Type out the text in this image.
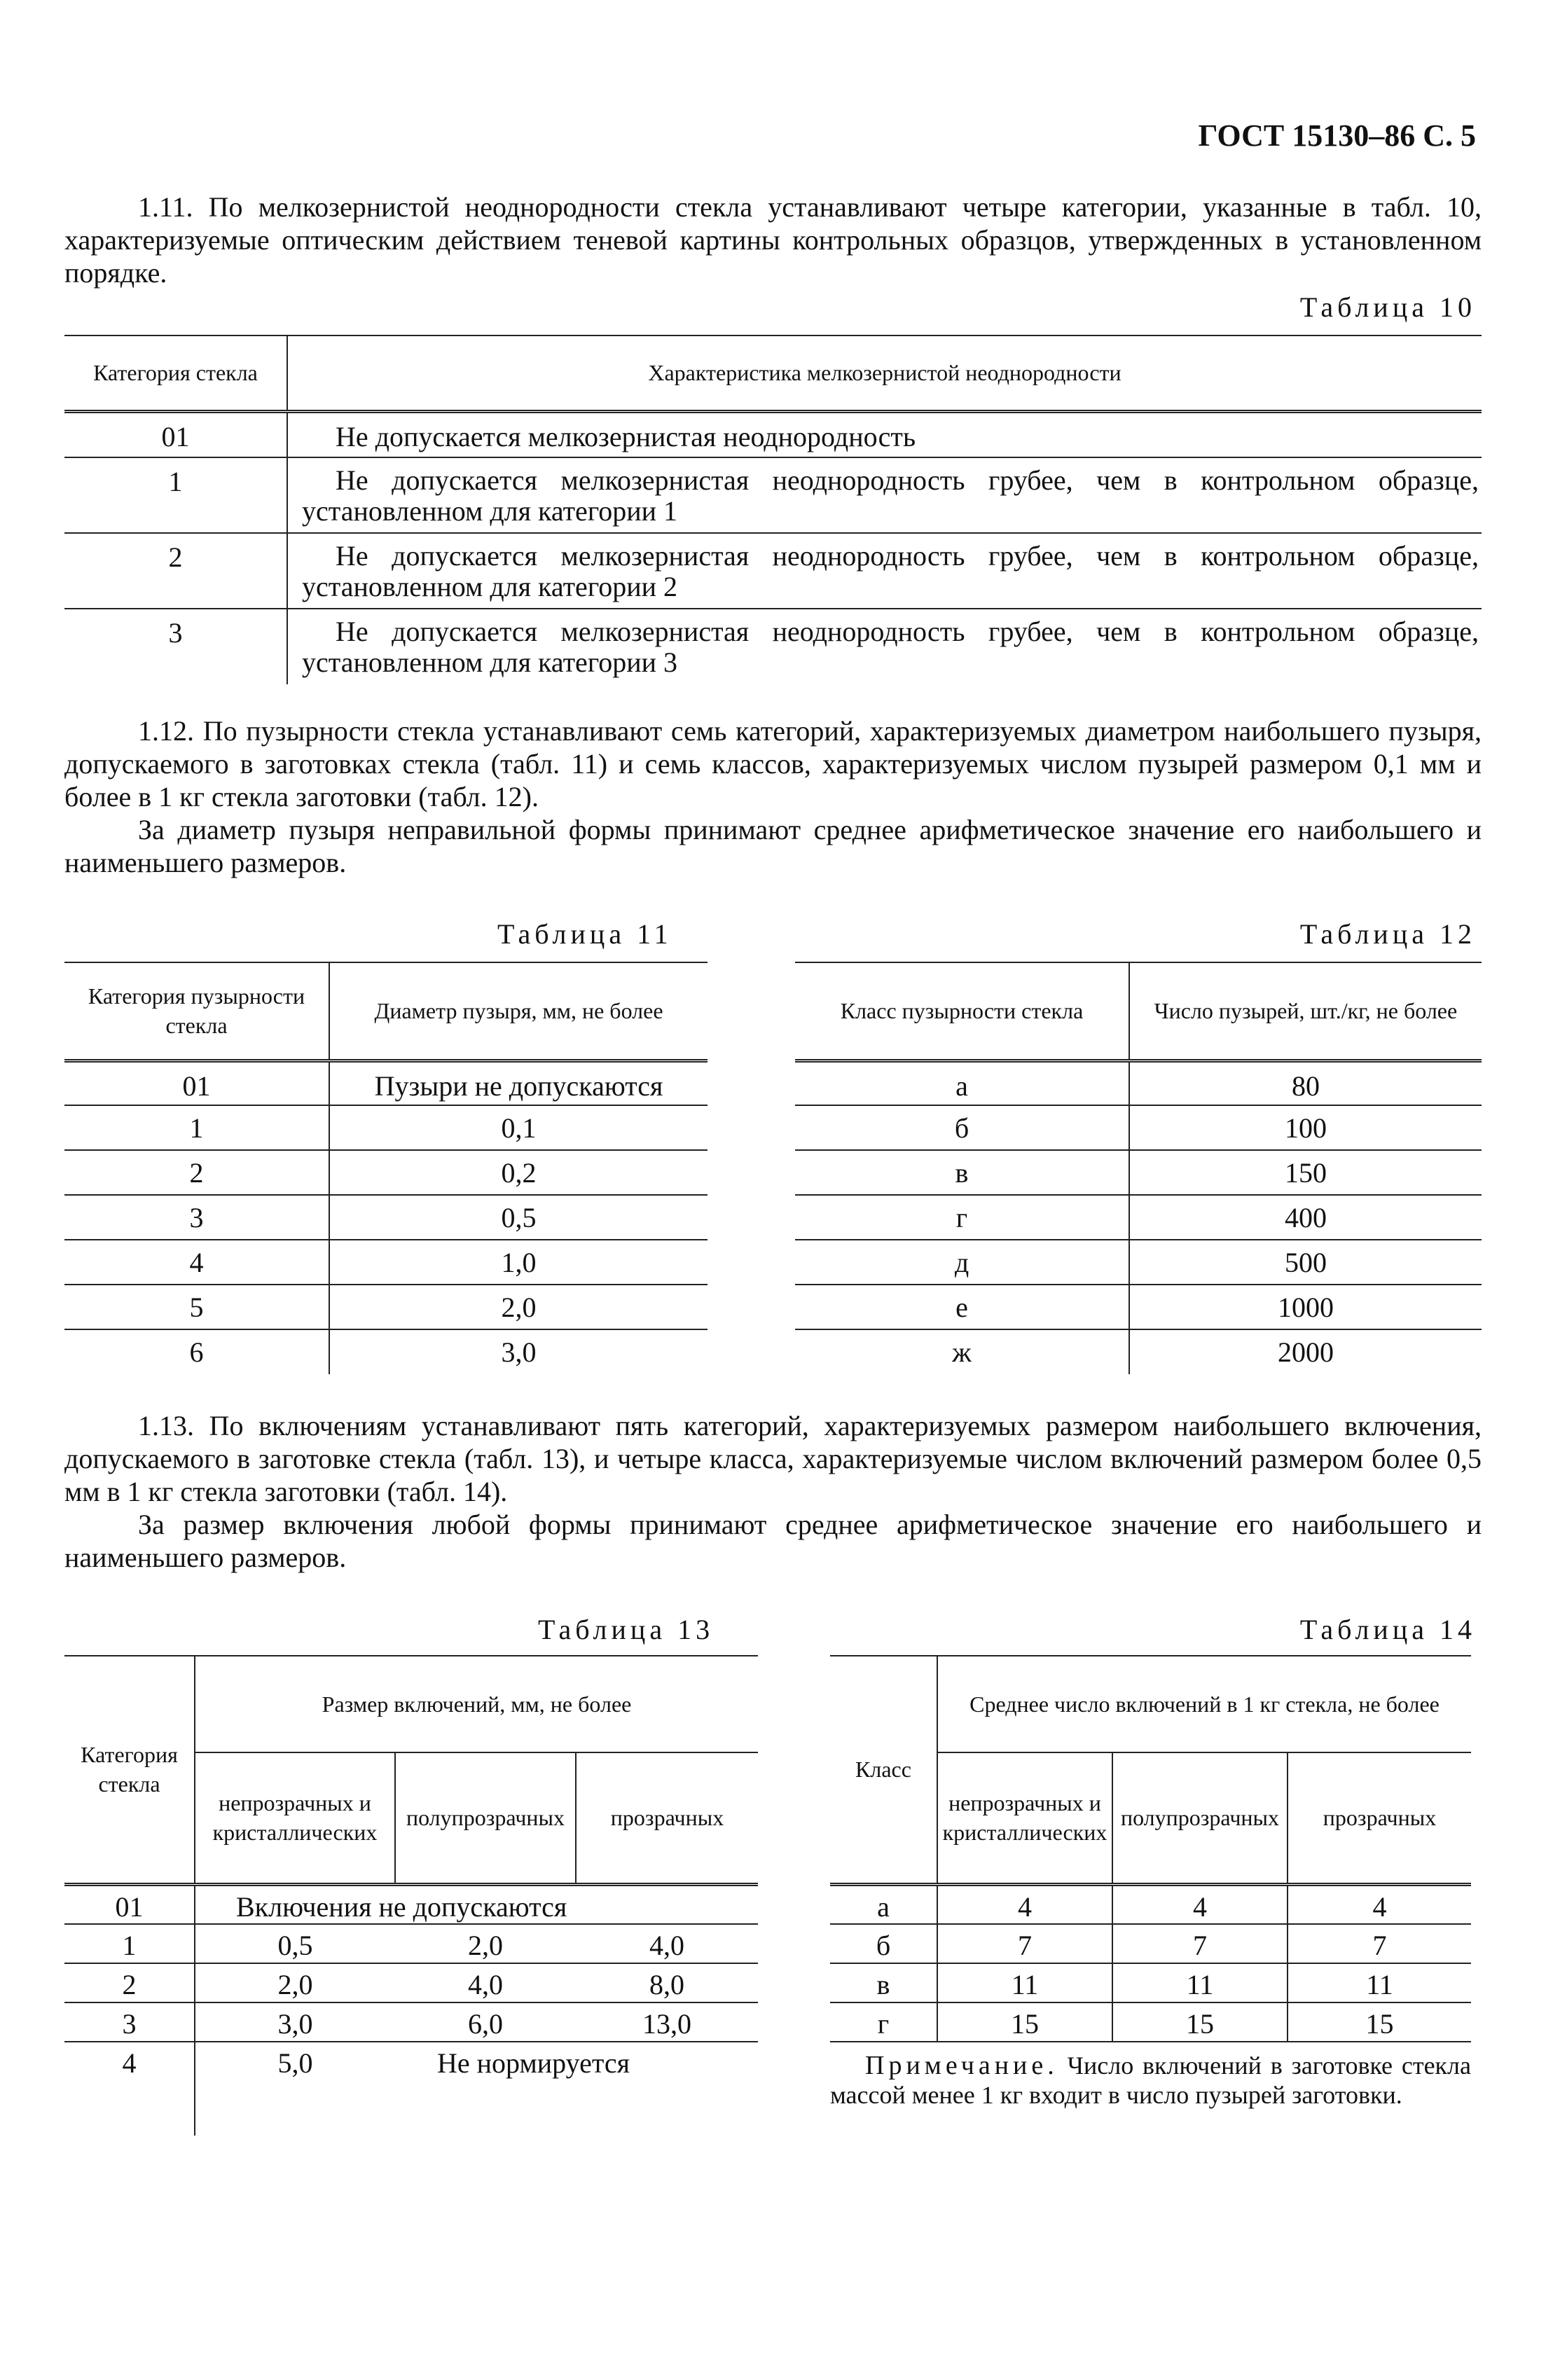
ГОСТ 15130–86 С. 5

1.11. По мелкозернистой неоднородности стекла устанавливают четыре категории, указанные в табл. 10, характеризуемые оптическим действием теневой картины контрольных образцов, утвержденных в установленном порядке.

Таблица 10
Категория стекла	Характеристика мелкозернистой неоднородности
01	Не допускается мелкозернистая неоднородность
1	Не допускается мелкозернистая неоднородность грубее, чем в контрольном образце, установленном для категории 1
2	Не допускается мелкозернистая неоднородность грубее, чем в контрольном образце, установленном для категории 2
3	Не допускается мелкозернистая неоднородность грубее, чем в контрольном образце, установленном для категории 3

1.12. По пузырности стекла устанавливают семь категорий, характеризуемых диаметром наибольшего пузыря, допускаемого в заготовках стекла (табл. 11) и семь классов, характеризуемых числом пузырей размером 0,1 мм и более в 1 кг стекла заготовки (табл. 12).

За диаметр пузыря неправильной формы принимают среднее арифметическое значение его наибольшего и наименьшего размеров.

Таблица 11
Категория пузырности стекла	Диаметр пузыря, мм, не более
01	Пузыри не допускаются
1	0,1
2	0,2
3	0,5
4	1,0
5	2,0
6	3,0
Таблица 12
Класс пузырности стекла	Число пузырей, шт./кг, не более
а	80
б	100
в	150
г	400
д	500
е	1000
ж	2000

1.13. По включениям устанавливают пять категорий, характеризуемых размером наибольшего включения, допускаемого в заготовке стекла (табл. 13), и четыре класса, характеризуемые числом включений размером более 0,5 мм в 1 кг стекла заготовки (табл. 14).

За размер включения любой формы принимают среднее арифметическое значение его наибольшего и наименьшего размеров.

Таблица 13
Категория стекла	Размер включений, мм, не более		
	непрозрачных и кристаллических	полупрозрачных	прозрачных
01	Включения не допускаются		
1	0,5	2,0	4,0
2	2,0	4,0	8,0
3	3,0	6,0	13,0
4	5,0	Не нормируется	
Таблица 14
Класс	Среднее число включений в 1 кг стекла, не более		
	непрозрачных и кристаллических	полупрозрачных	прозрачных
а	4	4	4
б	7	7	7
в	11	11	11
г	15	15	15
Примечание. Число включений в заготовке стекла массой менее 1 кг входит в число пузырей заготовки.
